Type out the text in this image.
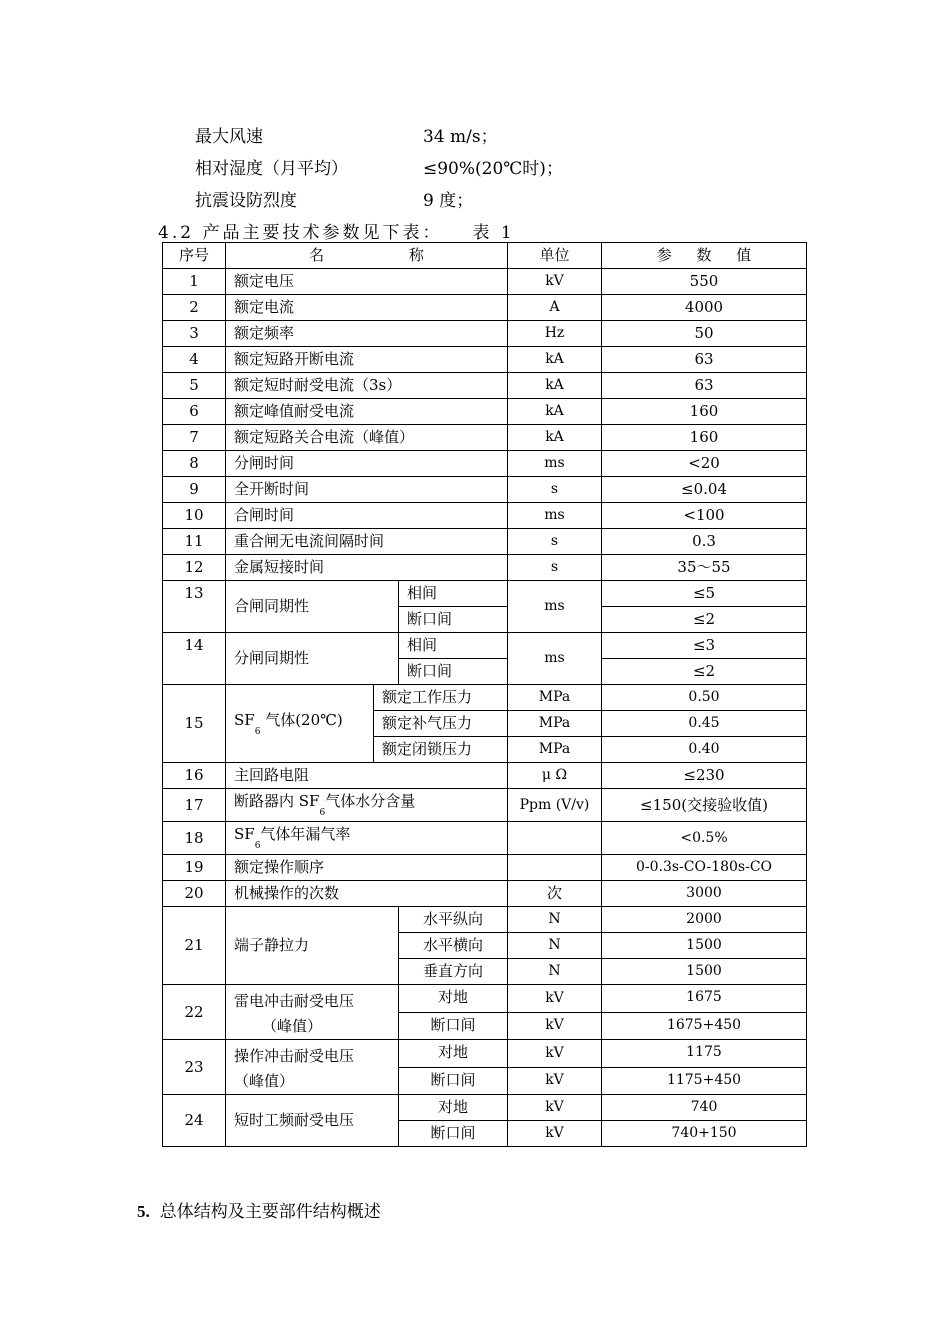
最大风速	34 m/s；
相对湿度（月平均）	≤90%(20℃时)；
抗震设防烈度	9 度；
4.2 产品主要技术参数见下表： 表 1
序号	名 称			单位	参 数 值
1	额定电压			kV	550
2	额定电流			A	4000
3	额定频率			Hz	50
4	额定短路开断电流			kA	63
5	额定短时耐受电流（3s）			kA	63
6	额定峰值耐受电流			kA	160
7	额定短路关合电流（峰值）			kA	160
8	分闸时间			ms	<20
9	全开断时间			s	≤0.04
10	合闸时间			ms	<100
11	重合闸无电流间隔时间			s	0.3
12	金属短接时间			s	35～55
13	合闸同期性		相间	ms	≤5
			断口间		≤2
14	分闸同期性		相间	ms	≤3
			断口间		≤2
15	$SF_6$ 气体(20℃)	额定工作压力		MPa	0.50
		额定补气压力		MPa	0.45
		额定闭锁压力		MPa	0.40
16	主回路电阻			μ Ω	≤230
17	断路器内 $SF_6$气体水分含量			Ppm (V/v)	≤150(交接验收值)
18	$SF_6$气体年漏气率				<0.5%
19	额定操作顺序				0-0.3s-CO-180s-CO
20	机械操作的次数			次	3000
21	端子静拉力		水平纵向	N	2000
			水平横向	N	1500
			垂直方向	N	1500
22	雷电冲击耐受电压
（峰值）		对地	kV	1675
			断口间	kV	1675+450
23	操作冲击耐受电压
（峰值）		对地	kV	1175
			断口间	kV	1175+450
24	短时工频耐受电压		对地	kV	740
			断口间	kV	740+150
5. 总体结构及主要部件结构概述
